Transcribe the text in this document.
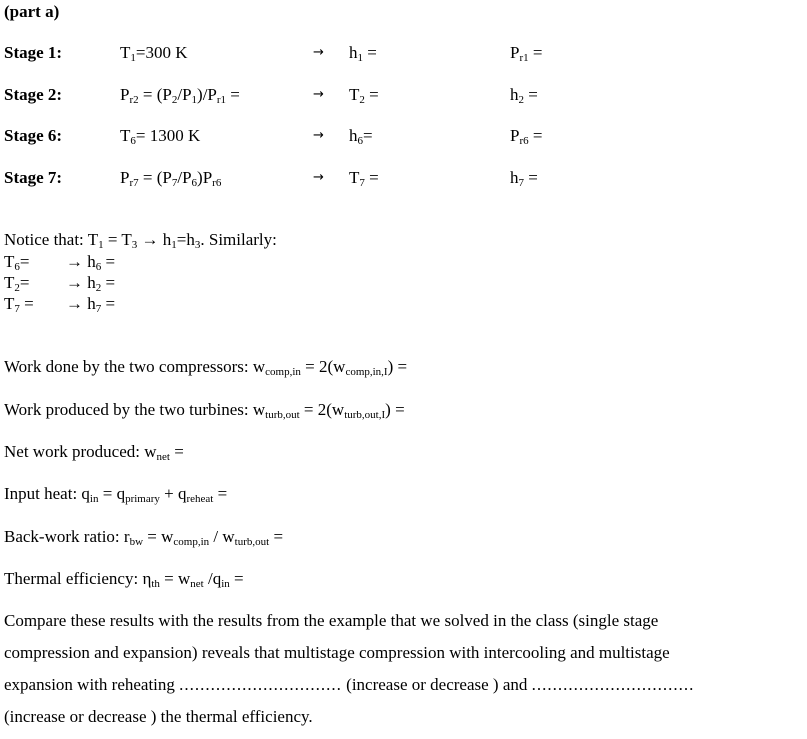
(part a)
Stage 1:	$T_1=300$ K	→ $h_1$ =	$P_{r1}$ =
Stage 2:	$P_{r2} = (P_2/P_1)/P_{r1}$ =	→ $T_2$ =	$h_2$ =
Stage 6:	$T_6= 1300$ K	→ $h_6=$	$P_{r6}$ =
Stage 7:	$P_{r7} = (P_7/P_6)P_{r6}$	→ $T_7$ =	$h_7$ =
Notice that: $T_1 = T_3 \to h_1=h_3$. Similarly:
$T_6= \to h_6$ =
$T_2= \to h_2$ =
$T_7$ = → $h_7$ =
Work done by the two compressors: $w_{comp,in} = 2(w_{comp,in,I})$ =
Work produced by the two turbines: $w_{turb,out} = 2(w_{turb,out,I})$ =
Net work produced: $w_{net}$ =
Input heat: $q_{in} = q_{primary} + q_{reheat}$ =
Back-work ratio: $r_{bw} = w_{comp,in} / w_{turb,out}$ =
Thermal efficiency: $\eta_{th} = w_{net}$ $/q_{in}$ =
Compare these results with the results from the example that we solved in the class (single stage
compression and expansion) reveals that multistage compression with intercooling and multistage
expansion with reheating ............................... (increase or decrease ) and ...............................
(increase or decrease ) the thermal efficiency.
